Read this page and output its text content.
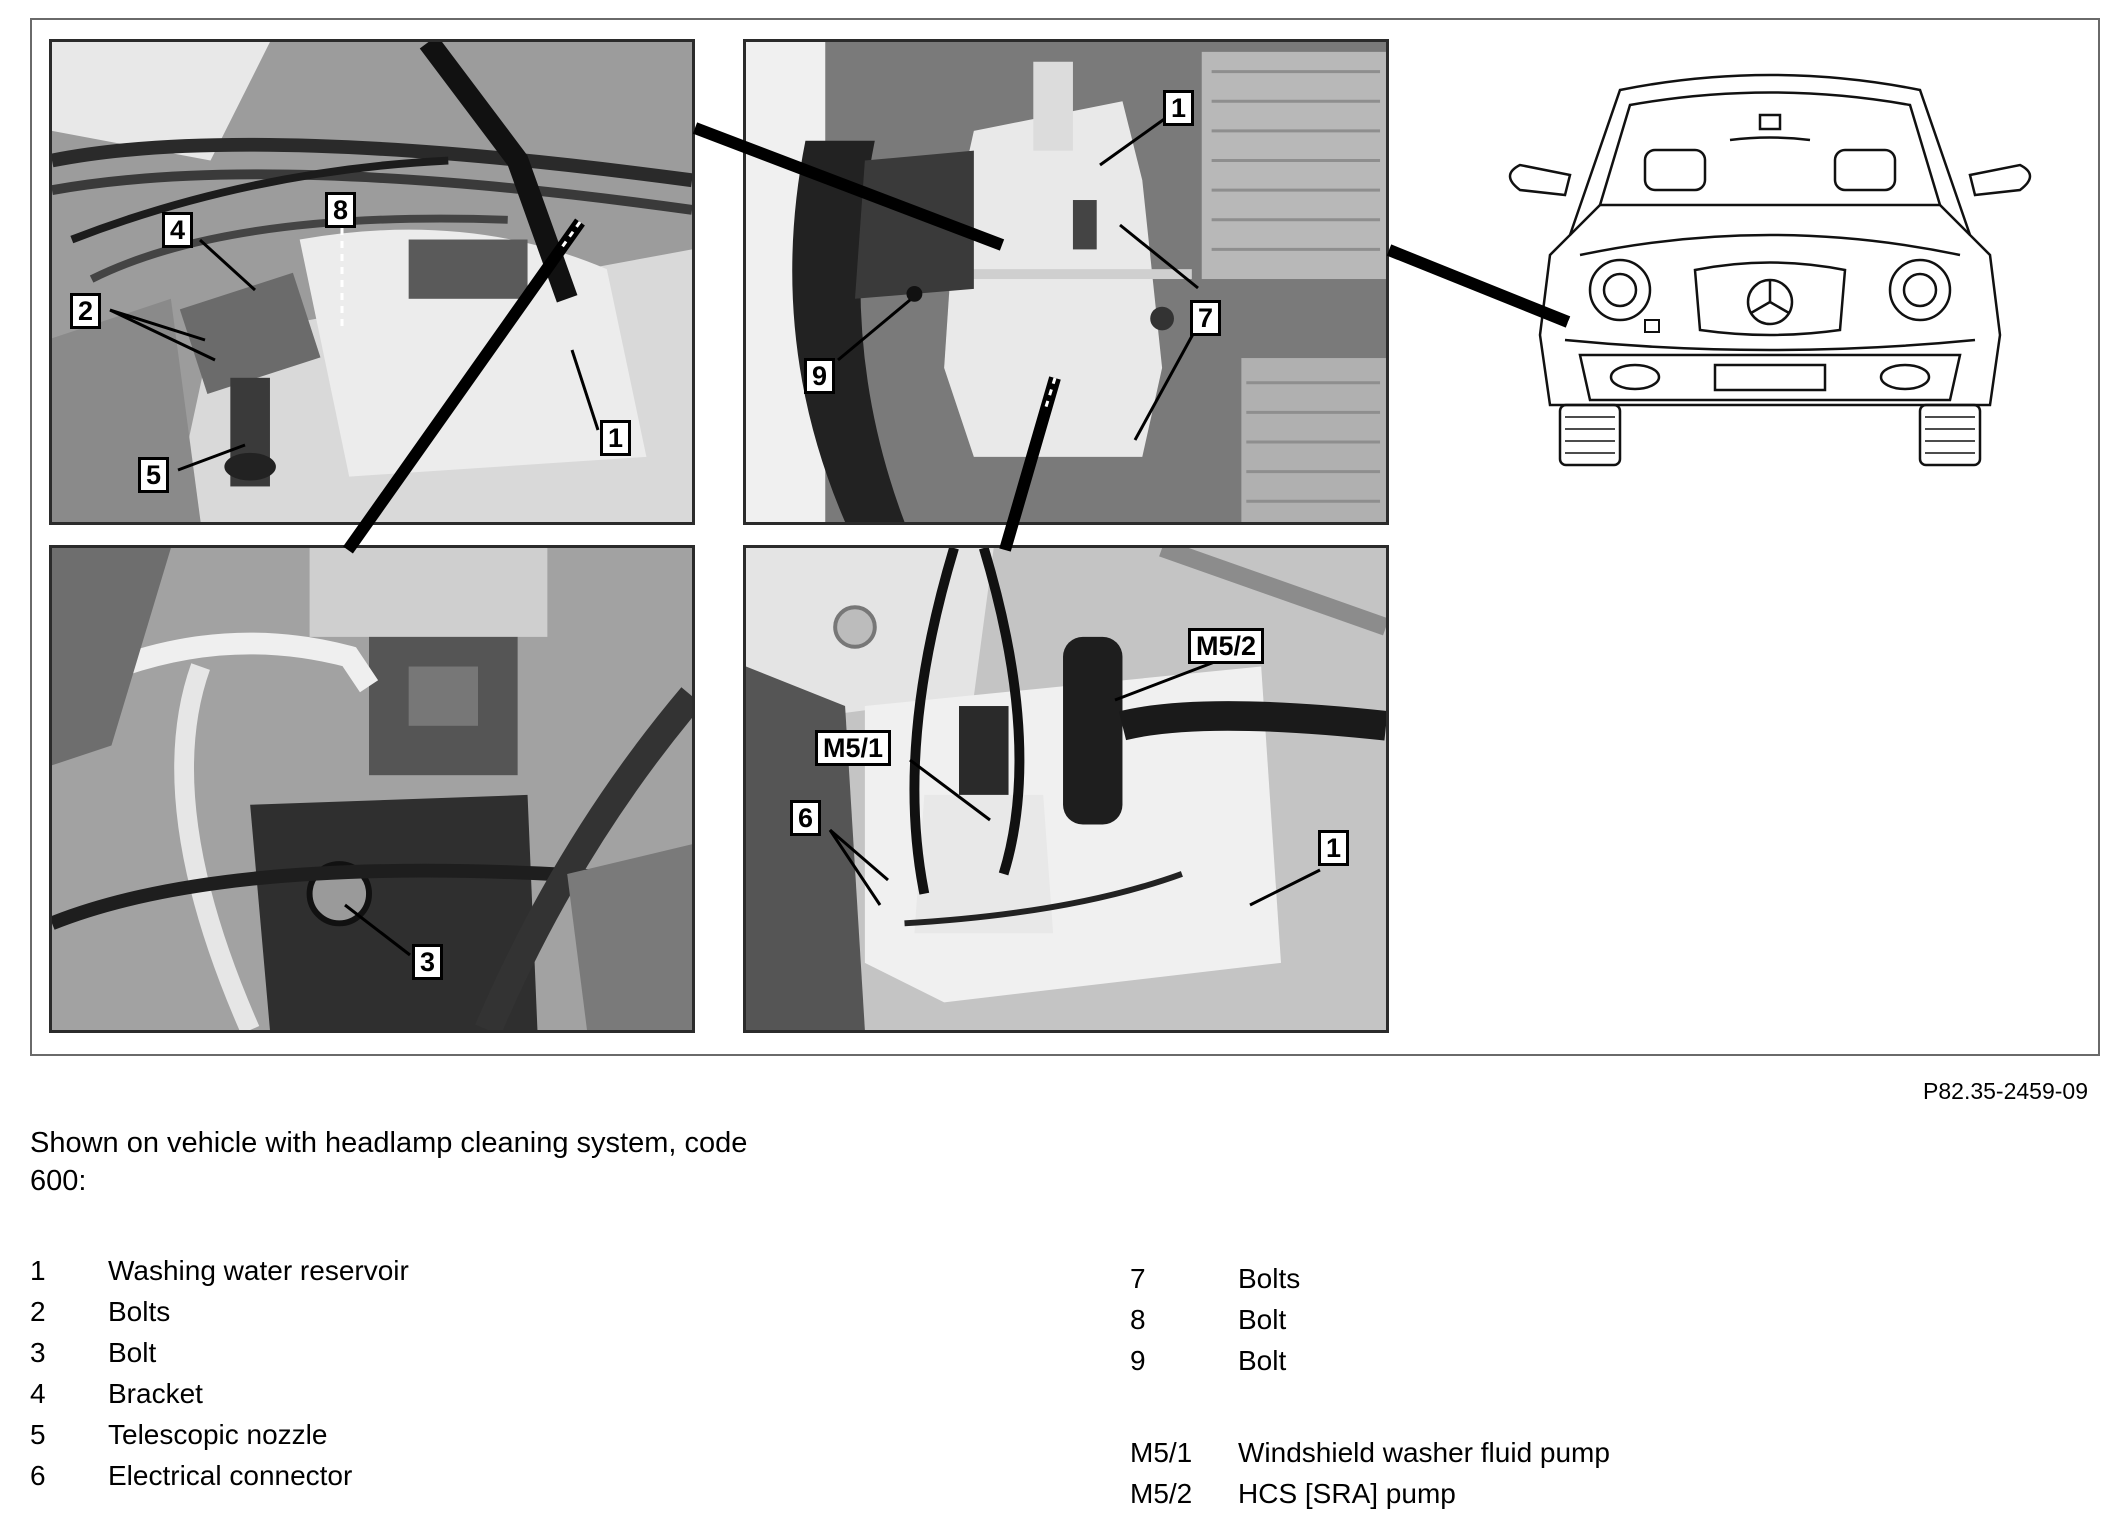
8
4
2
5
1
1
7
9
3
M5/2
M5/1
6
1
P82.35-2459-09
Shown on vehicle with headlamp cleaning system, code 600:
1	Washing water reservoir
2	Bolts
3	Bolt
4	Bracket
5	Telescopic nozzle
6	Electrical connector
7	Bolts
8	Bolt
9	Bolt
M5/1	Windshield washer fluid pump
M5/2	HCS [SRA] pump
